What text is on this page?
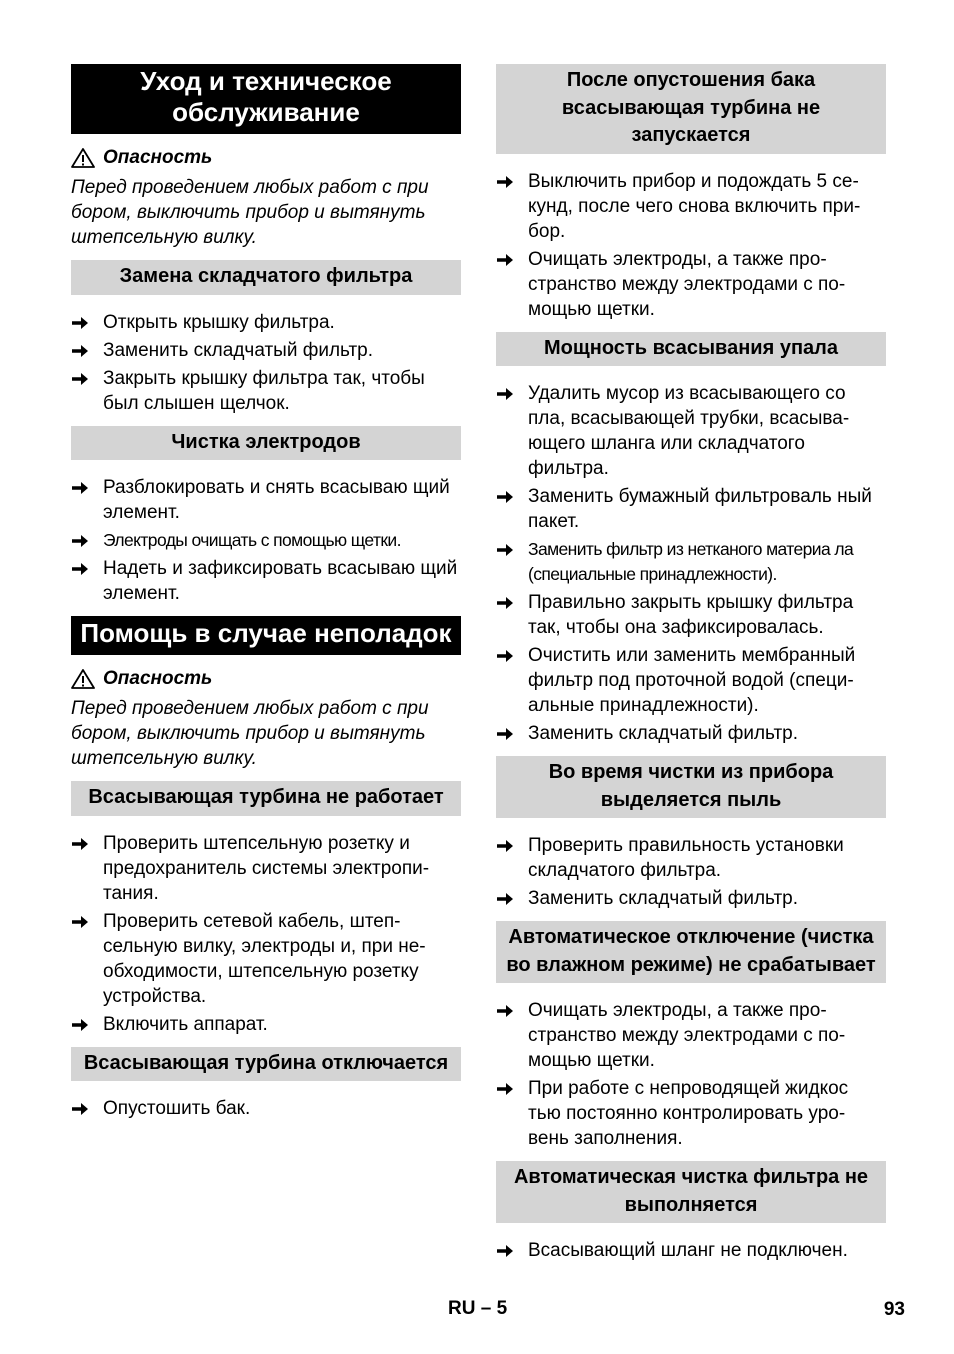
Уход и техническое обслуживание
Опасность
Перед проведением любых работ с при бором, выключить прибор и вытянуть штепсельную вилку.
Замена складчатого фильтра
Открыть крышку фильтра.
Заменить складчатый фильтр.
Закрыть крышку фильтра так, чтобы был слышен щелчок.
Чистка электродов
Разблокировать и снять всасываю щий элемент.
Электроды очищать с помощью щетки.
Надеть и зафиксировать всасываю щий элемент.
Помощь в случае неполадок
Опасность
Перед проведением любых работ с при бором, выключить прибор и вытянуть штепсельную вилку.
Всасывающая турбина не работает
Проверить штепсельную розетку и предохранитель системы электропи- тания.
Проверить сетевой кабель, штеп- сельную вилку, электроды и, при не- обходимости, штепсельную розетку устройства.
Включить аппарат.
Всасывающая турбина отключается
Опустошить бак.
После опустошения бака всасывающая турбина не запускается
Выключить прибор и подождать 5 се- кунд, после чего снова включить при- бор.
Очищать электроды, а также про- странство между электродами с по- мощью щетки.
Мощность всасывания упала
Удалить мусор из всасывающего со пла, всасывающей трубки, всасыва- ющего шланга или складчатого фильтра.
Заменить бумажный фильтроваль ный пакет.
Заменить фильтр из нетканого материа ла (специальные принадлежности).
Правильно закрыть крышку фильтра так, чтобы она зафиксировалась.
Очистить или заменить мембранный фильтр под проточной водой (специ- альные принадлежности).
Заменить складчатый фильтр.
Во время чистки из прибора выделяется пыль
Проверить правильность установки складчатого фильтра.
Заменить складчатый фильтр.
Автоматическое отключение (чистка во влажном режиме) не срабатывает
Очищать электроды, а также про- странство между электродами с по- мощью щетки.
При работе с непроводящей жидкос тью постоянно контролировать уро- вень заполнения.
Автоматическая чистка фильтра не выполняется
Всасывающий шланг не подключен.
RU – 5	93
